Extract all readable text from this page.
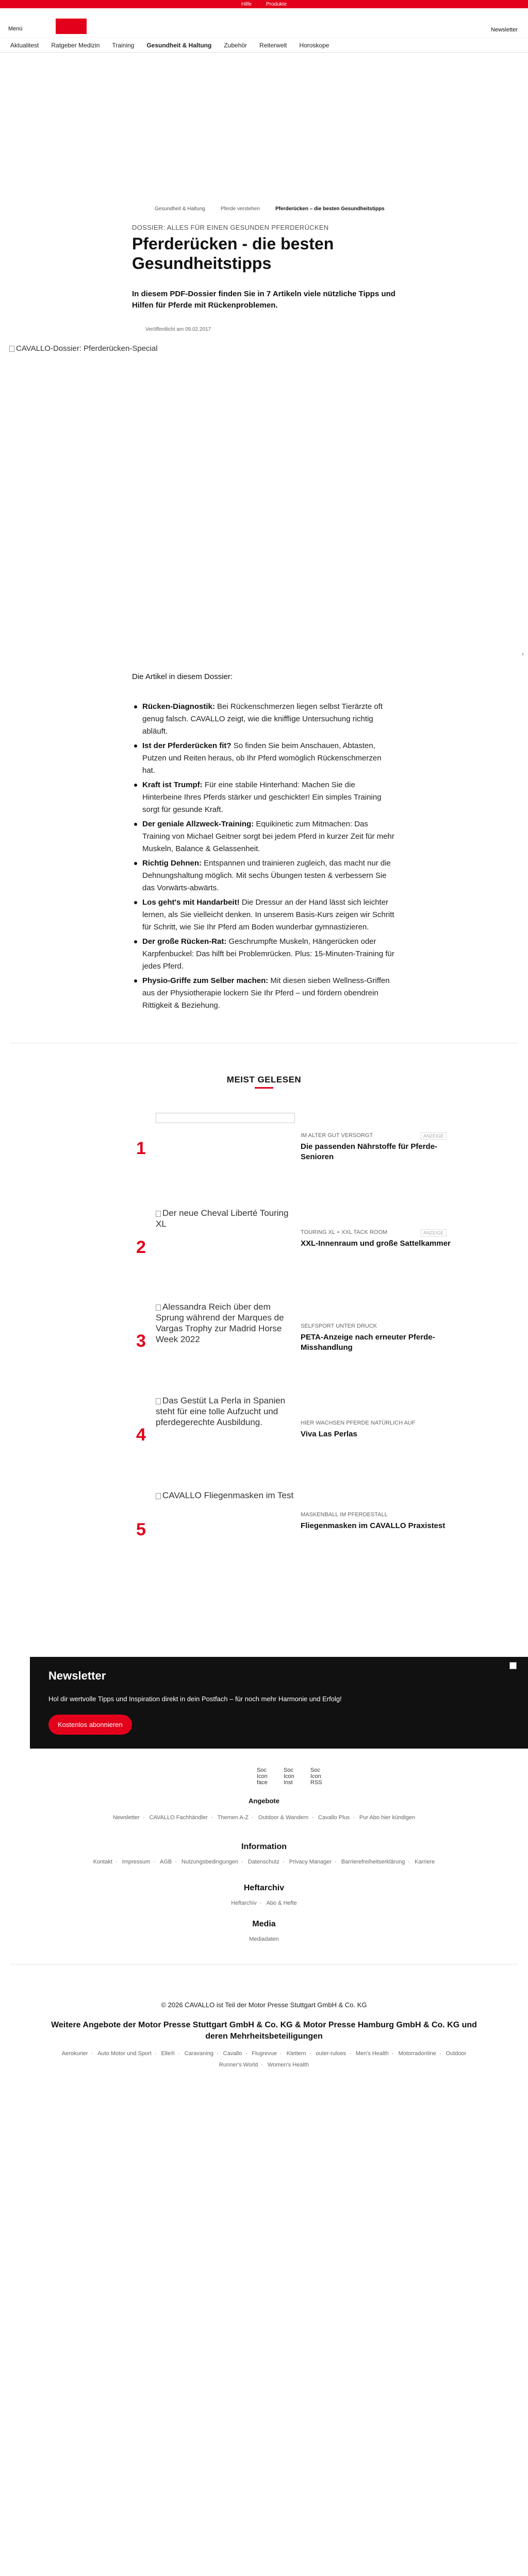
Hilfe	Produkte
Menü	Newsletter
Aktualitest	Ratgeber Medizin	Training	Gesundheit & Haltung	Zubehör	Reiterwelt	Horoskope
Gesundheit & Haltung	Pferde verstehen	Pferderücken – die besten Gesundheitstipps
DOSSIER: ALLES FÜR EINEN GESUNDEN PFERDERÜCKEN
Pferderücken - die besten Gesundheitstipps

In diesem PDF-Dossier finden Sie in 7 Artikeln viele nützliche Tipps und Hilfen für Pferde mit Rückenproblemen.

Veröffentlicht am 09.02.2017
CAVALLO-Dossier: Pferderücken-Special
‹

Die Artikel in diesem Dossier:

Rücken-Diagnostik: Bei Rückenschmerzen liegen selbst Tierärzte oft genug falsch. CAVALLO zeigt, wie die kniffligе Untersuchung richtig abläuft.
Ist der Pferderücken fit? So finden Sie beim Anschauen, Abtasten, Putzen und Reiten heraus, ob Ihr Pferd womöglich Rückenschmerzen hat.
Kraft ist Trumpf: Für eine stabile Hinterhand: Machen Sie die Hinterbeine Ihres Pferds stärker und geschickter! Ein simples Training sorgt für gesunde Kraft.
Der geniale Allzweck-Training: Equikinetic zum Mitmachen: Das Training von Michael Geitner sorgt bei jedem Pferd in kurzer Zeit für mehr Muskeln, Balance & Gelassenheit.
Richtig Dehnen: Entspannen und trainieren zugleich, das macht nur die Dehnungshaltung möglich. Mit sechs Übungen testen & verbessern Sie das Vorwärts-abwärts.
Los geht's mit Handarbeit! Die Dressur an der Hand lässt sich leichter lernen, als Sie vielleicht denken. In unserem Basis-Kurs zeigen wir Schritt für Schritt, wie Sie Ihr Pferd am Boden wunderbar gymnastizieren.
Der große Rücken-Rat: Geschrumpfte Muskeln, Hängerücken oder Karpfenbuckel: Das hilft bei Problemrücken. Plus: 15-Minuten-Training für jedes Pferd.
Physio-Griffe zum Selber machen: Mit diesen sieben Wellness-Griffen aus der Physiotherapie lockern Sie Ihr Pferd – und fördern obendrein Rittigkeit & Beziehung.
MEIST GELESEN
1
IM ALTER GUT VERSORGT	ANZEIGE
Die passenden Nährstoffe für Pferde-Senioren
2
Der neue Cheval Liberté Touring XL
TOURING XL + XXL TACK ROOM	ANZEIGE
XXL-Innenraum und große Sattelkammer
3
Alessandra Reich über dem Sprung während der Marques de Vargas Trophy zur Madrid Horse Week 2022
SELFSPORT UNTER DRUCK
PETA-Anzeige nach erneuter Pferde-Misshandlung
4
Das Gestüt La Perla in Spanien steht für eine tolle Aufzucht und pferdegerechte Ausbildung.	HIER WACHSEN PFERDE NATÜRLICH AUF
Viva Las Perlas
5
CAVALLO Fliegenmasken im Test
MASKENBALL IM PFERDESTALL
Fliegenmasken im CAVALLO Praxistest
Newsletter
Hol dir wertvolle Tipps und Inspiration direkt in dein Postfach – für noch mehr Harmonie und Erfolg!
Kostenlos abonnieren
Soc Icon face
Soc Icon Inst
Soc Icon RSS
Angebote
Newsletter · CAVALLO Fachhändler · Themen A-Z · Outdoor & Wandern · Cavallo Plus · Pur Abo hier kündigen
Information
Kontakt · Impressum · AGB · Nutzungsbedingungen · Datenschutz · Privacy Manager · Barrierefreiheitserklärung · Karriere
Heftarchiv
Heftarchiv · Abo & Hefte
Media
Mediadaten
© 2026 CAVALLO ist Teil der Motor Presse Stuttgart GmbH & Co. KG
Weitere Angebote der Motor Presse Stuttgart GmbH & Co. KG & Motor Presse Hamburg GmbH & Co. KG und deren Mehrheitsbeteiligungen
Aerokurier · Auto Motor und Sport · Elle® · Caravaning · Cavallo · Flugrevue · Klettern · outer-ruloes · Men's Health · Motorradonline · Outdoor
Runner's World · Women's Health
